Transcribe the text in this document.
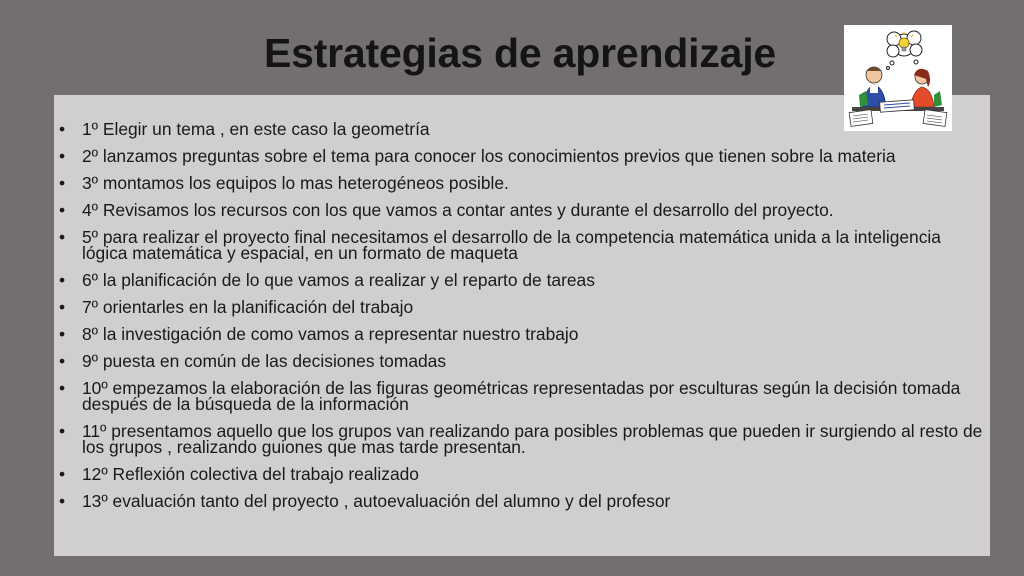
Estrategias de aprendizaje
• 1º Elegir un tema , en este caso la geometría
• 2º lanzamos preguntas sobre el tema para conocer los conocimientos previos que tienen sobre la materia
• 3º montamos los equipos lo mas heterogéneos posible.
• 4º Revisamos los recursos con los que vamos a contar antes y durante el desarrollo del proyecto.
• 5º para realizar el proyecto final necesitamos el desarrollo de la competencia matemática unida a la inteligencia lógica matemática y espacial, en un formato de maqueta
• 6º la planificación de lo que vamos a realizar y el reparto de tareas
• 7º orientarles en la planificación del trabajo
• 8º la investigación de como vamos a representar nuestro trabajo
• 9º puesta en común de las decisiones tomadas
• 10º empezamos la elaboración de las figuras geométricas representadas por esculturas según la decisión tomada después de la búsqueda de la información
• 11º presentamos aquello que los grupos van realizando para posibles problemas que pueden ir surgiendo al resto de los grupos , realizando guiones que mas tarde presentan.
• 12º Reflexión colectiva del trabajo realizado
• 13º evaluación tanto del proyecto , autoevaluación del alumno y del profesor
